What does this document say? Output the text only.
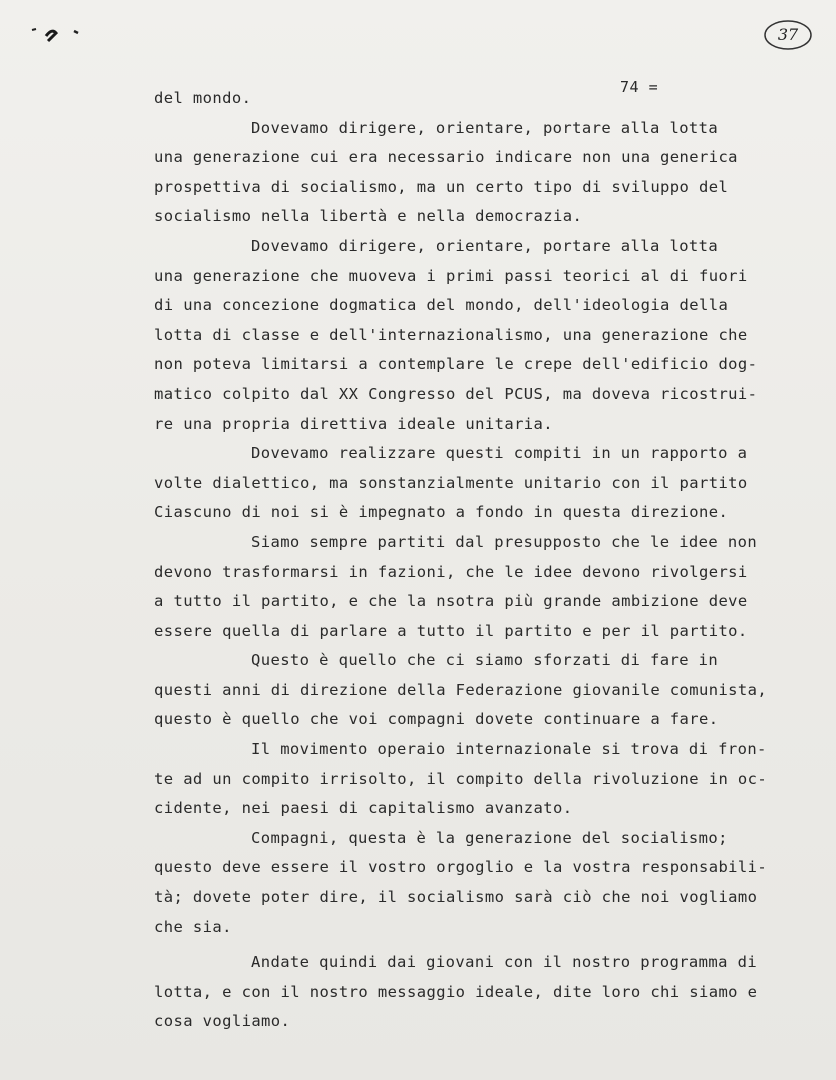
37
74 =
del mondo.
Dovevamo dirigere, orientare, portare alla lotta
una generazione cui era necessario indicare non una generica
prospettiva di socialismo, ma un certo tipo di sviluppo del
socialismo nella libertà e nella democrazia.
Dovevamo dirigere, orientare, portare alla lotta
una generazione che muoveva i primi passi teorici al di fuori
di una concezione dogmatica del mondo, dell'ideologia della
lotta di classe e dell'internazionalismo, una generazione che
non poteva limitarsi a contemplare le crepe dell'edificio dog-
matico colpito dal XX Congresso del PCUS, ma doveva ricostrui-
re una propria direttiva ideale unitaria.
Dovevamo realizzare questi compiti in un rapporto a
volte dialettico, ma sonstanzialmente unitario con il partito
Ciascuno di noi si è impegnato a fondo in questa direzione.
Siamo sempre partiti dal presupposto che le idee non
devono trasformarsi in fazioni, che le idee devono rivolgersi
a tutto il partito, e che la nsotra più grande ambizione deve
essere quella di parlare a tutto il partito e per il partito.
Questo è quello che ci siamo sforzati di fare in
questi anni di direzione della Federazione giovanile comunista,
questo è quello che voi compagni dovete continuare a fare.
Il movimento operaio internazionale si trova di fron-
te ad un compito irrisolto, il compito della rivoluzione in oc-
cidente, nei paesi di capitalismo avanzato.
Compagni, questa è la generazione del socialismo;
questo deve essere il vostro orgoglio e la vostra responsabili-
tà; dovete poter dire, il socialismo sarà ciò che noi vogliamo
che sia.
Andate quindi dai giovani con il nostro programma di
lotta, e con il nostro messaggio ideale, dite loro chi siamo e
cosa vogliamo.
